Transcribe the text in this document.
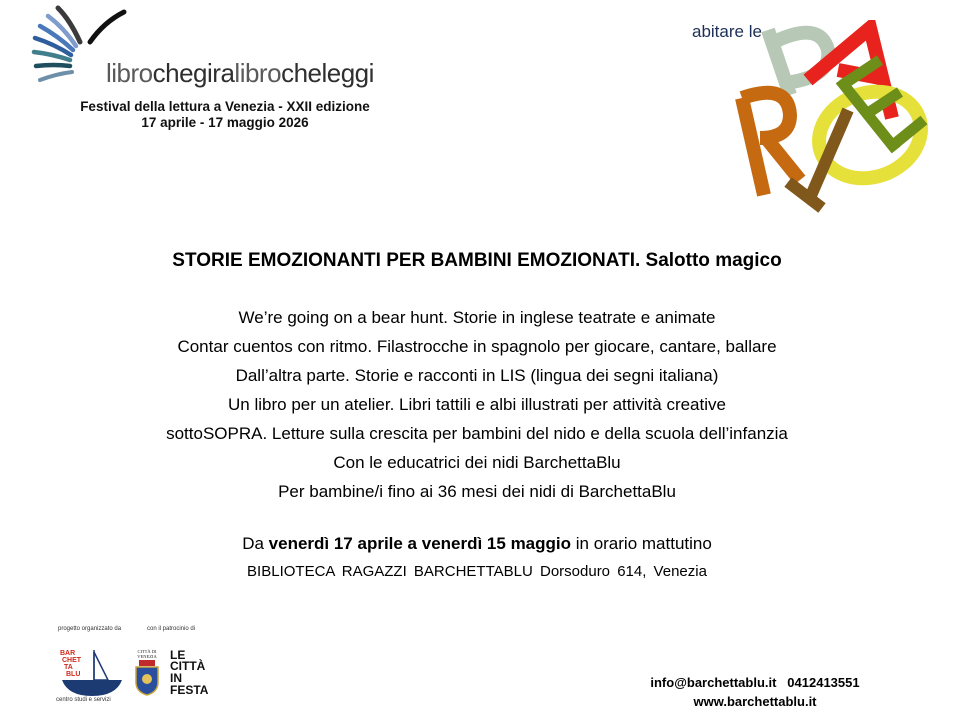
librochegiralibrocheleggi
Festival della lettura a Venezia - XXII edizione
17 aprile - 17 maggio 2026
abitare le
STORIE EMOZIONANTI PER BAMBINI EMOZIONATI. Salotto magico
We’re going on a bear hunt. Storie in inglese teatrate e animate
Contar cuentos con ritmo. Filastrocche in spagnolo per giocare, cantare, ballare
Dall’altra parte. Storie e racconti in LIS (lingua dei segni italiana)
Un libro per un atelier. Libri tattili e albi illustrati per attività creative
sottoSOPRA. Letture sulla crescita per bambini del nido e della scuola dell’infanzia
Con le educatrici dei nidi BarchettaBlu
Per bambine/i fino ai 36 mesi dei nidi di BarchettaBlu
Da venerdì 17 aprile a venerdì 15 maggio in orario mattutino
BIBLIOTECA RAGAZZI BARCHETTABLU Dorsoduro 614, Venezia
progetto organizzato da	con il patrocinio di
BAR
CHET
TA
BLU
centro studi e servizi
CITTÀ DI
VENEZIA LE
CITTÀ
IN
FESTA	info@barchettablu.it 0412413551
www.barchettablu.it
